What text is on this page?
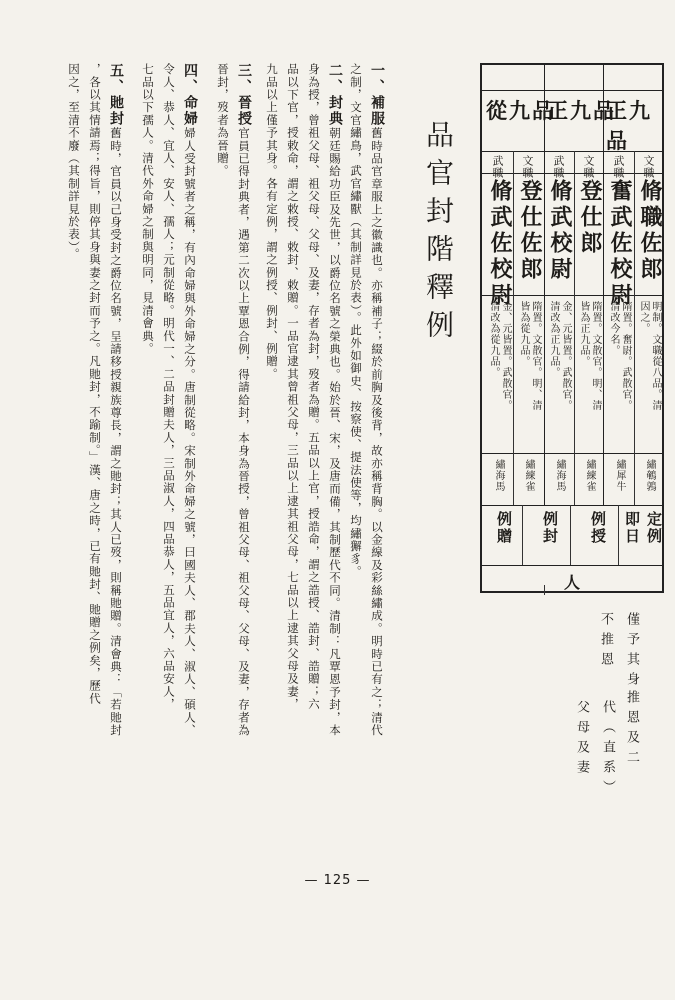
正九品
正九品
從九品
文職
武職
文職
武職
文職
武職
脩職佐郎
奮武佐校尉
登仕郎
脩武校尉
登仕佐郎
脩武佐校尉
明制。文職從八品。清因之。
隋置。奮尉。武散官。清改今名。
隋置。文散官。明、清皆為正九品。
金、元皆置。武散官。清改為正九品。
隋置。文散官。明、清皆為從九品。
金、元皆置。武散官。清改為從九品。
繡鵪鶉
繡犀牛
繡練雀
繡海馬
繡練雀
繡海馬
定例
即日
例授
例封
例贈
人
僅予其身
不推恩
推恩及二
代（直系）
父母及妻
品官封階釋例
一、補服舊時品官章服上之徽識也。亦稱補子；綴於前胸及後背，故亦稱背胸。以金線及彩絲繡成。明時已有之；清代
之制，文官繡鳥，武官繡獸（其制詳見於表）。此外如御史、按察使、提法使等，均繡獬豸。
二、封典朝廷賜給功臣及先世，以爵位名號之榮典也。始於晉、宋，及唐而備，其制歷代不同。清制：凡覃恩予封，本
身為授，曾祖父母、祖父母、父母、及妻，存者為封，歿者為贈。五品以上官，授誥命，謂之誥授、誥封、誥贈；六
品以下官，授敕命，謂之敕授、敕封、敕贈。一品官逮其曾祖父母，三品以上逮其祖父母，七品以上逮其父母及妻，
九品以上僅予其身。各有定例，謂之例授、例封、例贈。
三、晉授官員已得封典者，遇第二次以上覃恩合例，得請給封，本身為晉授，曾祖父母、祖父母、父母、及妻，存者為
晉封，歿者為晉贈。
四、命婦婦人受封號者之稱，有內命婦與外命婦之分。唐制從略。宋制外命婦之號，曰國夫人、郡夫人、淑人、碩人、
令人、恭人、宜人、安人、孺人；元制從略。明代一、二品封贈夫人，三品淑人，四品恭人，五品宜人，六品安人，
七品以下孺人。清代外命婦之制與明同，見清會典。
五、貤封舊時，官員以己身受封之爵位名號，呈請移授親族尊長，謂之貤封；其人已歿，則稱貤贈。清會典：「若貤封
，各以其情請焉；得旨，則停其身與妻之封而予之。凡貤封，不踰制。」漢、唐之時，已有貤封、貤贈之例矣，歷代
因之，至清不廢（其制詳見於表）。
— 125 —
